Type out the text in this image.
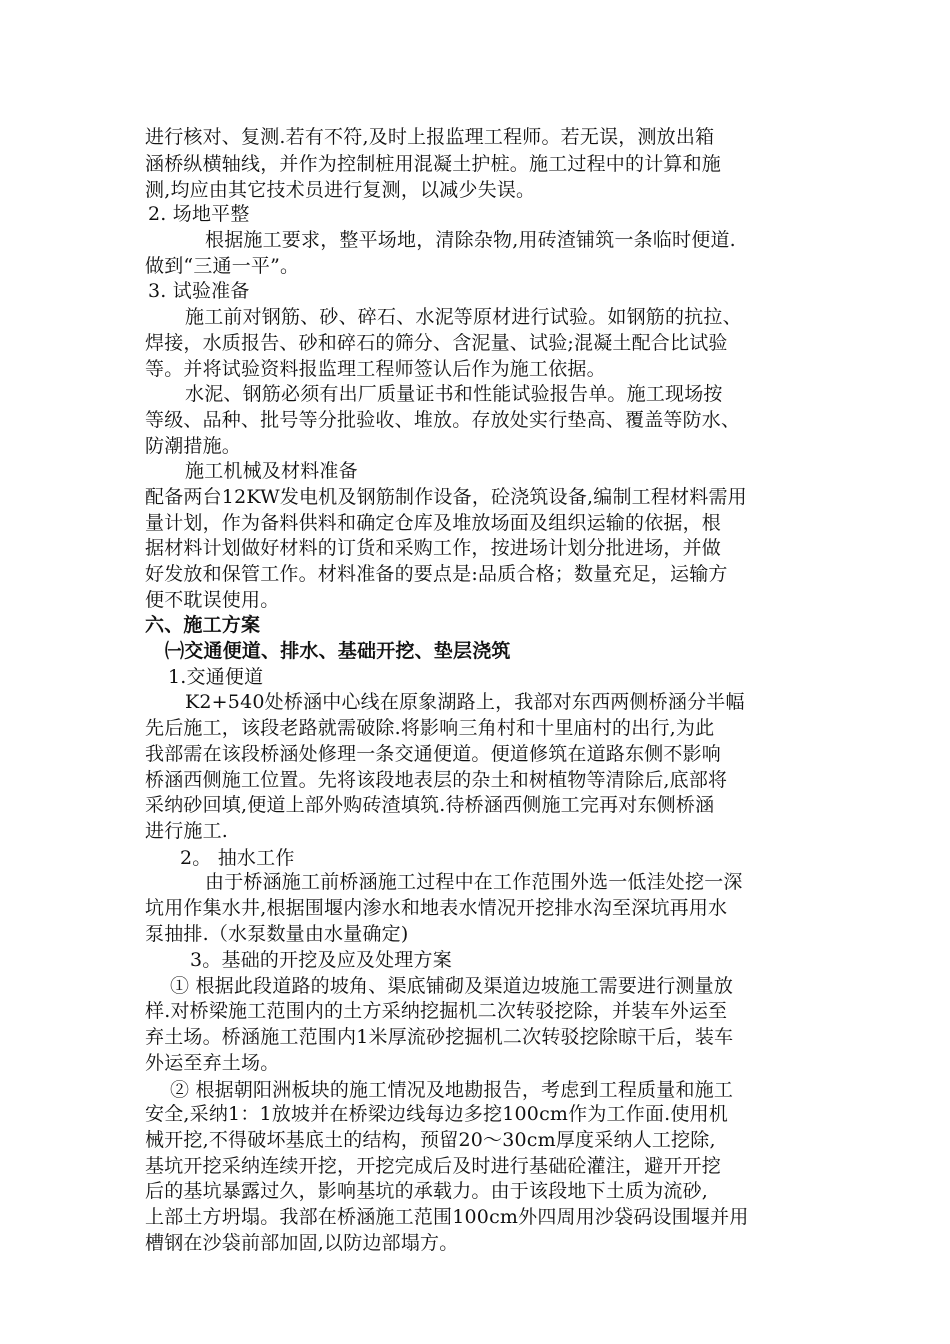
进行核对、复测.若有不符,及时上报监理工程师。若无误，测放出箱
涵桥纵横轴线，并作为控制桩用混凝土护桩。施工过程中的计算和施
测,均应由其它技术员进行复测，以减少失误。
2. 场地平整
根据施工要求，整平场地，清除杂物,用砖渣铺筑一条临时便道.
做到“三通一平”。
3. 试验准备
施工前对钢筋、砂、碎石、水泥等原材进行试验。如钢筋的抗拉、
焊接，水质报告、砂和碎石的筛分、含泥量、试验;混凝土配合比试验
等。并将试验资料报监理工程师签认后作为施工依据。
水泥、钢筋必须有出厂质量证书和性能试验报告单。施工现场按
等级、品种、批号等分批验收、堆放。存放处实行垫高、覆盖等防水、
防潮措施。
施工机械及材料准备
配备两台12KW发电机及钢筋制作设备，砼浇筑设备,编制工程材料需用
量计划，作为备料供料和确定仓库及堆放场面及组织运输的依据，根
据材料计划做好材料的订货和采购工作，按进场计划分批进场，并做
好发放和保管工作。材料准备的要点是:品质合格；数量充足，运输方
便不耽误使用。
六、施工方案
㈠交通便道、排水、基础开挖、垫层浇筑
1.交通便道
K2+540处桥涵中心线在原象湖路上，我部对东西两侧桥涵分半幅
先后施工，该段老路就需破除.将影响三角村和十里庙村的出行,为此
我部需在该段桥涵处修理一条交通便道。便道修筑在道路东侧不影响
桥涵西侧施工位置。先将该段地表层的杂土和树植物等清除后,底部将
采纳砂回填,便道上部外购砖渣填筑.待桥涵西侧施工完再对东侧桥涵
进行施工.
2。 抽水工作
由于桥涵施工前桥涵施工过程中在工作范围外选一低洼处挖一深
坑用作集水井,根据围堰内渗水和地表水情况开挖排水沟至深坑再用水
泵抽排.（水泵数量由水量确定)
3。基础的开挖及应及处理方案
① 根据此段道路的坡角、渠底铺砌及渠道边坡施工需要进行测量放
样.对桥梁施工范围内的土方采纳挖掘机二次转驳挖除，并装车外运至
弃土场。桥涵施工范围内1米厚流砂挖掘机二次转驳挖除晾干后，装车
外运至弃土场。
② 根据朝阳洲板块的施工情况及地勘报告，考虑到工程质量和施工
安全,采纳1：1放坡并在桥梁边线每边多挖100cm作为工作面.使用机
械开挖,不得破坏基底土的结构，预留20～30cm厚度采纳人工挖除,
基坑开挖采纳连续开挖，开挖完成后及时进行基础砼灌注，避开开挖
后的基坑暴露过久，影响基坑的承载力。由于该段地下土质为流砂,
上部土方坍塌。我部在桥涵施工范围100cm外四周用沙袋码设围堰并用
槽钢在沙袋前部加固,以防边部塌方。
